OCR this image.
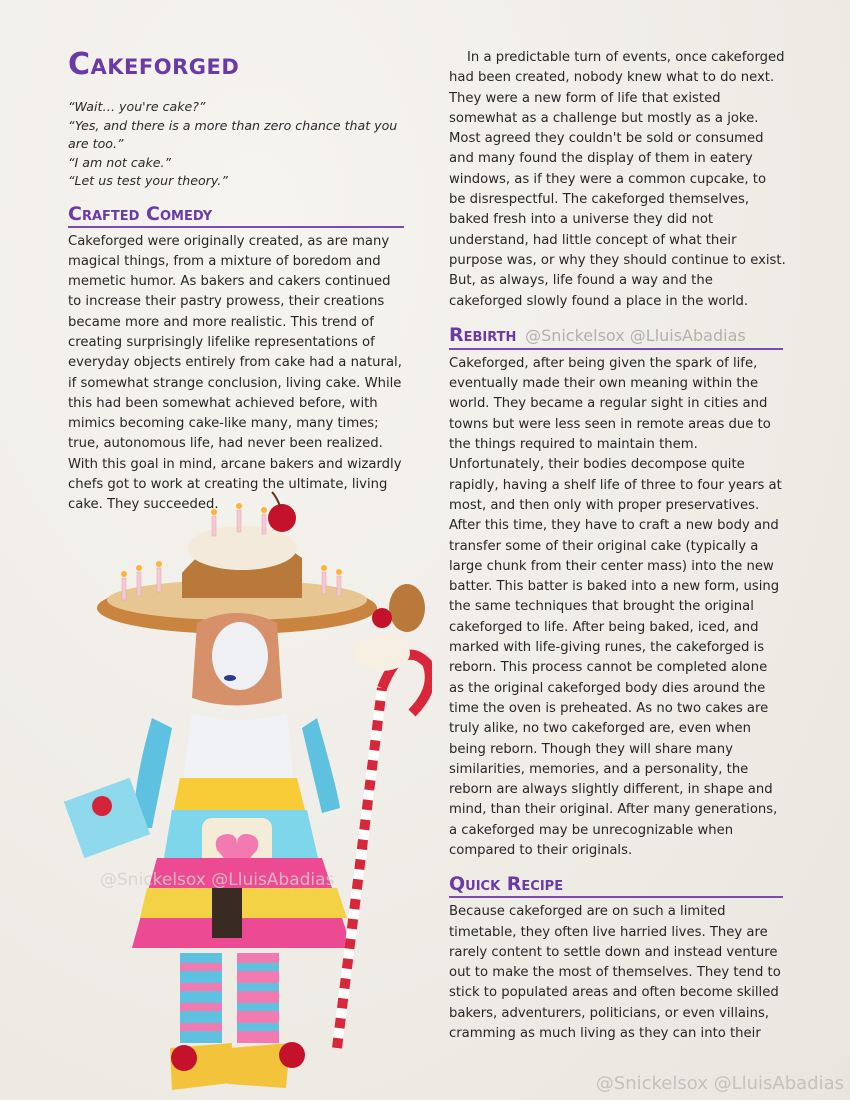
@Snickelsox @LluisAbadias
Cakeforged
“Wait… you're cake?”
“Yes, and there is a more than zero chance that you
are too.”
“I am not cake.”
“Let us test your theory.”
Crafted Comedy
Cakeforged were originally created, as are many
magical things, from a mixture of boredom and
memetic humor. As bakers and cakers continued
to increase their pastry prowess, their creations
became more and more realistic. This trend of
creating surprisingly lifelike representations of
everyday objects entirely from cake had a natural,
if somewhat strange conclusion, living cake. While
this had been somewhat achieved before, with
mimics becoming cake-like many, many times;
true, autonomous life, had never been realized.
With this goal in mind, arcane bakers and wizardly
chefs got to work at creating the ultimate, living
cake. They succeeded.
In a predictable turn of events, once cakeforged
had been created, nobody knew what to do next.
They were a new form of life that existed
somewhat as a challenge but mostly as a joke.
Most agreed they couldn't be sold or consumed
and many found the display of them in eatery
windows, as if they were a common cupcake, to
be disrespectful. The cakeforged themselves,
baked fresh into a universe they did not
understand, had little concept of what their
purpose was, or why they should continue to exist.
But, as always, life found a way and the
cakeforged slowly found a place in the world.
Rebirth @Snickelsox @LluisAbadias
Cakeforged, after being given the spark of life,
eventually made their own meaning within the
world. They became a regular sight in cities and
towns but were less seen in remote areas due to
the things required to maintain them.
Unfortunately, their bodies decompose quite
rapidly, having a shelf life of three to four years at
most, and then only with proper preservatives.
After this time, they have to craft a new body and
transfer some of their original cake (typically a
large chunk from their center mass) into the new
batter. This batter is baked into a new form, using
the same techniques that brought the original
cakeforged to life. After being baked, iced, and
marked with life-giving runes, the cakeforged is
reborn. This process cannot be completed alone
as the original cakeforged body dies around the
time the oven is preheated. As no two cakes are
truly alike, no two cakeforged are, even when
being reborn. Though they will share many
similarities, memories, and a personality, the
reborn are always slightly different, in shape and
mind, than their original. After many generations,
a cakeforged may be unrecognizable when
compared to their originals.
Quick Recipe
Because cakeforged are on such a limited
timetable, they often live harried lives. They are
rarely content to settle down and instead venture
out to make the most of themselves. They tend to
stick to populated areas and often become skilled
bakers, adventurers, politicians, or even villains,
cramming as much living as they can into their
@Snickelsox @LluisAbadias
